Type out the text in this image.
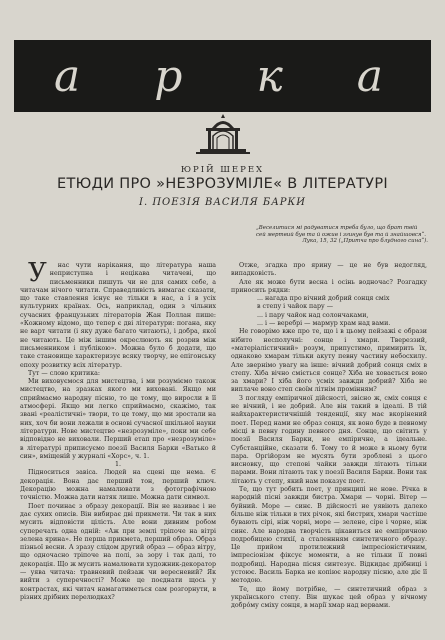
а р к а
ЮРІЙ ШЕРЕХ
ЕТЮДИ ПРО »НЕЗРОЗУМІЛЕ« В ЛІТЕРАТУРІ
І. ПОЕЗІЯ ВАСИЛЯ БАРКИ
„Веселитися мі радуватися треба було, що брат твій сей мертвий був та й ожив і згинув був та й знайшовся“.
Лука, 15, 32 („Притча про блудного сина“).

У нас чути нарікання, що література наша неприступна і нецікава читачеві, що письменники пишуть чи не для самих себе, а читачам нічого читати. Справедливість вимагає сказати, що таке ставлення існує не тільки в нас, а і в усіх культурних країнах. Ось, наприклад, один з чільних сучасних французьких літераторів Жан Поллан пише: «Кожному відомо, що тепер є дві літератури: погана, яку не варт читати (і яку дуже багато читають), і добра, якої не читають. Це між іншим окреслюють як розрив між письменником і публікою». Можна було б додати, що таке становище характеризує всяку творчу, не епігонську епоху розвитку всіх літератур.

Тут — слово критика:

Ми виховуємося для мистецтва, і ми розуміємо також мистецтво, на зразках якого ми виховані. Якщо ми сприймаємо народну пісню, то це тому, що виросли в її атмосфері. Якщо ми легко сприймаємо, скажімо, так звані «реалістичні» твори, то це тому, що ми зростали на них, хоч би вони лежали в основі сучасної шкільної науки літератури. Нове мистецтво «незрозуміле», поки ми себе відповідно не виховали. Перший етап про «незрозуміле» в літературі приписуємо поезії Василя Барки «Ватько й син», вміщеній у журналі «Хорс», ч. 1.

1.

Підноситься завіса. Людей на сцені ще нема. Є декорація. Вона дає перший тон, перший ключ. Декорацію можна намалювати з фотографічною точністю. Можна дати натяк лише. Можна дати символ.

Поет починає з образу декорації. Він не називає і не дає сухих описів. Він вибирає дві прикмети. Чи так в них мусить відповісти цілість. Але вони дивним робом суперечать одна одній: «Аж при землі тріпоче на вітрі зелена ярина». Не перша прикмета, перший образ. Образ пізньої весни. А зразу слідом другий образ — образ вітру, що одночасно тріпоче на полі, за зору і так далі, то декорація. Що ж мусить намалювати художник-декоратор — уява читача: травневий пейзаж чи вересневий? Як вийти з суперечності? Може це поєднати щось у контрастах, які читач намагатиметься сам розгорнути, в різних дрібних перелюдках?

Отже, згадка про ярину — це не був недогляд, випадковість.

Але як може бути весна і осінь водночас? Розгадку приносить рядки:

... нагада про вічний добрий сонця сміх

в степу і чайок пару —

... і пару чайок над солончаками,

... і — веребрі — мармур храм над вами.

Не говорімо вже про те, що і в цьому пейзажі є образи нібито несполучні: сонце і хмари. Твереззий, «матеріалістичний» розум, припустимо, примирить їх, однаково хмарам тільки акуту певну частину небосхилу. Але звернімо увагу на інше: вічний добрий сонця сміх в степу. Хіба вічно сміється сонце? Хіба не ховається воно за хмари? І хіба його усміх завжди добрий? Хіба не виплаче воно степ своїм літнім промінням?

З погляду емпіричної дійсності, звісно ж, сміх сонця є не вічний, і не добрий. Але він такий в ідеалі. В тій найхарактеристичнішій тенденції, яку має вкорінений поет. Перед нами не образ сонця, як воно буде в певному місці в певну годину певного дня. Сонце, що світить у поезії Василя Барки, не емпіричне, а ідеальне. Субстанційне, сказати б. Тому то й може в ньому бути пара. Оргійорзм не мусять бути зроблені з цього висновку, що степові чайки завжди літають тільки парами. Вони літають так у поезії Василя Барки. Вони так літають у степу, який нам показує поет.

Те, що тут робить поет, у принципі не нове. Річка в народній пісні завжди бистра. Хмари — чорні. Вітер — буйний. Море — синє. В дійсності не уявіють далеко більше ніж тільки в тих річок, які бистрих, хмари частіше бувають сірі, ніж чорні, море — зелене, сіре і чорне, ніж синє. Але народна творчість цікавиться не емпіричною подробицею стихії, а сталеннням синтетичного образу. Це прийом протилежний імпресіоністичним, імпресіонізм фіксує моменти, а не тільки її повні подробиці. Народна пісня синтезує. Відкидає дрібниці і устоює. Василь Барка не копіює народну пісню, але діє її методою.

Те, що йому потрібне, — синтетичний образ з українського степу. Він шукає цей образ у вічному добро́му сміху сонця, в марі́ї хмар над вервами.
